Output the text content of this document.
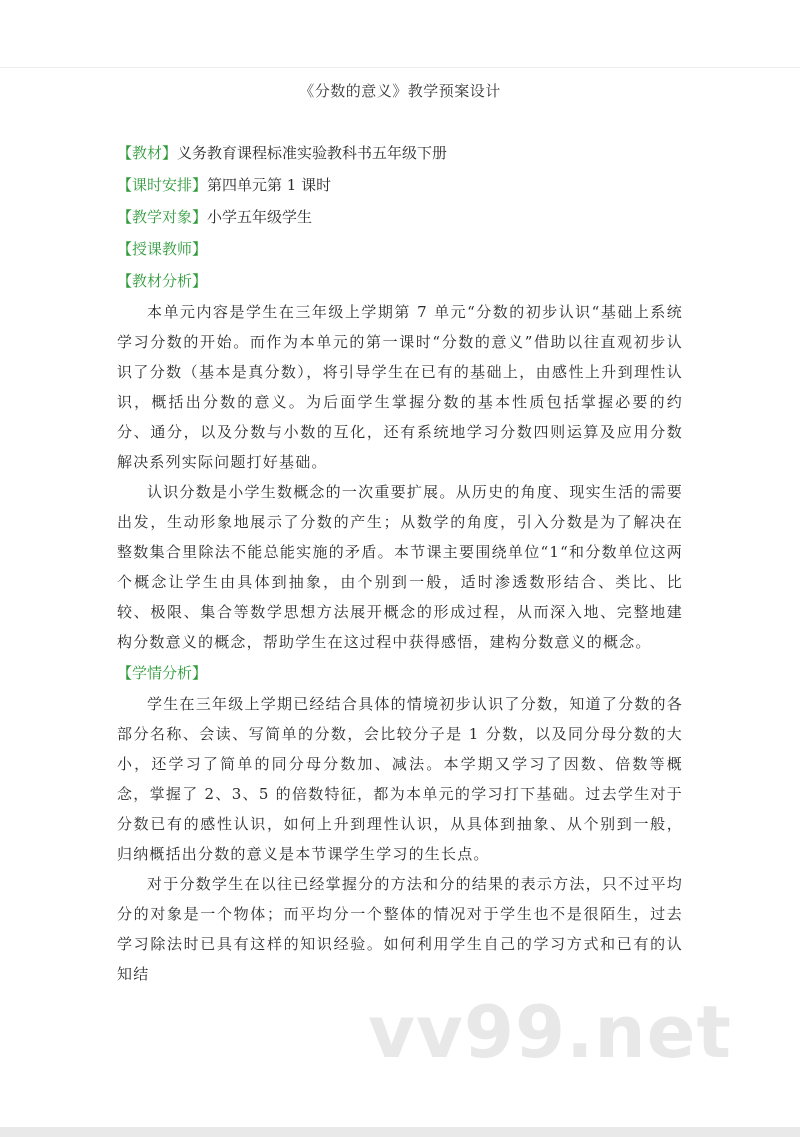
《分数的意义》教学预案设计
【教材】义务教育课程标准实验教科书五年级下册
【课时安排】第四单元第 1 课时
【教学对象】小学五年级学生
【授课教师】
【教材分析】

本单元内容是学生在三年级上学期第 7 单元“分数的初步认识“基础上系统学习分数的开始。而作为本单元的第一课时“分数的意义”借助以往直观初步认识了分数（基本是真分数），将引导学生在已有的基础上，由感性上升到理性认识，概括出分数的意义。为后面学生掌握分数的基本性质包括掌握必要的约分、通分，以及分数与小数的互化，还有系统地学习分数四则运算及应用分数解决系列实际问题打好基础。

认识分数是小学生数概念的一次重要扩展。从历史的角度、现实生活的需要出发，生动形象地展示了分数的产生；从数学的角度，引入分数是为了解决在整数集合里除法不能总能实施的矛盾。本节课主要围绕单位“1“和分数单位这两个概念让学生由具体到抽象，由个别到一般，适时渗透数形结合、类比、比较、极限、集合等数学思想方法展开概念的形成过程，从而深入地、完整地建构分数意义的概念，帮助学生在这过程中获得感悟，建构分数意义的概念。

【学情分析】

学生在三年级上学期已经结合具体的情境初步认识了分数，知道了分数的各部分名称、会读、写简单的分数，会比较分子是 1 分数，以及同分母分数的大小，还学习了简单的同分母分数加、减法。本学期又学习了因数、倍数等概念，掌握了 2、3、5 的倍数特征，都为本单元的学习打下基础。过去学生对于分数已有的感性认识，如何上升到理性认识，从具体到抽象、从个别到一般，归纳概括出分数的意义是本节课学生学习的生长点。

对于分数学生在以往已经掌握分的方法和分的结果的表示方法，只不过平均分的对象是一个物体；而平均分一个整体的情况对于学生也不是很陌生，过去学习除法时已具有这样的知识经验。如何利用学生自己的学习方式和已有的认知结

vv99.net
